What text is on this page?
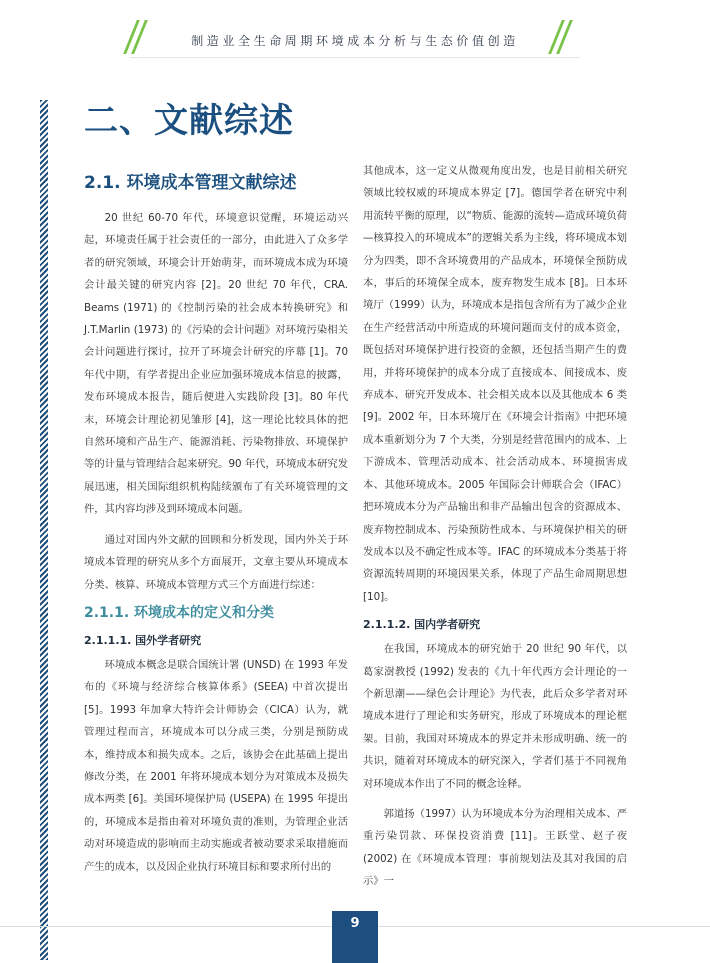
制造业全生命周期环境成本分析与生态价值创造
二、文献综述
2.1. 环境成本管理文献综述

20 世纪 60-70 年代，环境意识觉醒，环境运动兴起，环境责任属于社会责任的一部分，由此进入了众多学者的研究领域，环境会计开始萌芽，而环境成本成为环境会计最关键的研究内容 [2]。20 世纪 70 年代，CRA. Beams (1971) 的《控制污染的社会成本转换研究》和 J.T.Marlin (1973) 的《污染的会计问题》对环境污染相关会计问题进行探讨，拉开了环境会计研究的序幕 [1]。70 年代中期，有学者提出企业应加强环境成本信息的披露，发布环境成本报告，随后便进入实践阶段 [3]。80 年代末，环境会计理论初见雏形 [4]，这一理论比较具体的把自然环境和产品生产、能源消耗、污染物排放、环境保护等的计量与管理结合起来研究。90 年代，环境成本研究发展迅速，相关国际组织机构陆续颁布了有关环境管理的文件，其内容均涉及到环境成本问题。

通过对国内外文献的回顾和分析发现，国内外关于环境成本管理的研究从多个方面展开，文章主要从环境成本分类、核算、环境成本管理方式三个方面进行综述：

2.1.1. 环境成本的定义和分类
2.1.1.1. 国外学者研究

环境成本概念是联合国统计署 (UNSD) 在 1993 年发布的《环境与经济综合核算体系》(SEEA) 中首次提出 [5]。1993 年加拿大特许会计师协会（CICA）认为，就管理过程而言，环境成本可以分成三类，分别是预防成本，维持成本和损失成本。之后，该协会在此基础上提出修改分类，在 2001 年将环境成本划分为对策成本及损失成本两类 [6]。美国环境保护局 (USEPA) 在 1995 年提出的，环境成本是指由着对环境负责的准则，为管理企业活动对环境造成的影响而主动实施或者被动要求采取措施而产生的成本，以及因企业执行环境目标和要求所付出的

其他成本，这一定义从微观角度出发，也是目前相关研究领域比较权威的环境成本界定 [7]。德国学者在研究中利用流转平衡的原理，以“物质、能源的流转—造成环境负荷—核算投入的环境成本”的逻辑关系为主线，将环境成本划分为四类，即不含环境费用的产品成本，环境保全预防成本，事后的环境保全成本，废弃物发生成本 [8]。日本环境厅（1999）认为，环境成本是指包含所有为了减少企业在生产经营活动中所造成的环境问题而支付的成本资金，既包括对环境保护进行投资的金额，还包括当期产生的费用，并将环境保护的成本分成了直接成本、间接成本、废弃成本、研究开发成本、社会相关成本以及其他成本 6 类 [9]。2002 年，日本环境厅在《环境会计指南》中把环境成本重新划分为 7 个大类，分别是经营范围内的成本、上下游成本、管理活动成本、社会活动成本、环境损害成本、其他环境成本。2005 年国际会计师联合会（IFAC）把环境成本分为产品输出和非产品输出包含的资源成本、废弃物控制成本、污染预防性成本、与环境保护相关的研发成本以及不确定性成本等。IFAC 的环境成本分类基于将资源流转周期的环境因果关系，体现了产品生命周期思想 [10]。

2.1.1.2. 国内学者研究

在我国，环境成本的研究始于 20 世纪 90 年代，以葛家澍教授 (1992) 发表的《九十年代西方会计理论的一个新思潮——绿色会计理论》为代表，此后众多学者对环境成本进行了理论和实务研究，形成了环境成本的理论框架。目前，我国对环境成本的界定并未形成明确、统一的共识，随着对环境成本的研究深入，学者们基于不同视角对环境成本作出了不同的概念诠释。

郭道扬（1997）认为环境成本分为治理相关成本、严重污染罚款、环保投资消费 [11]。王跃堂、赵子夜 (2002) 在《环境成本管理：事前规划法及其对我国的启示》一

9
